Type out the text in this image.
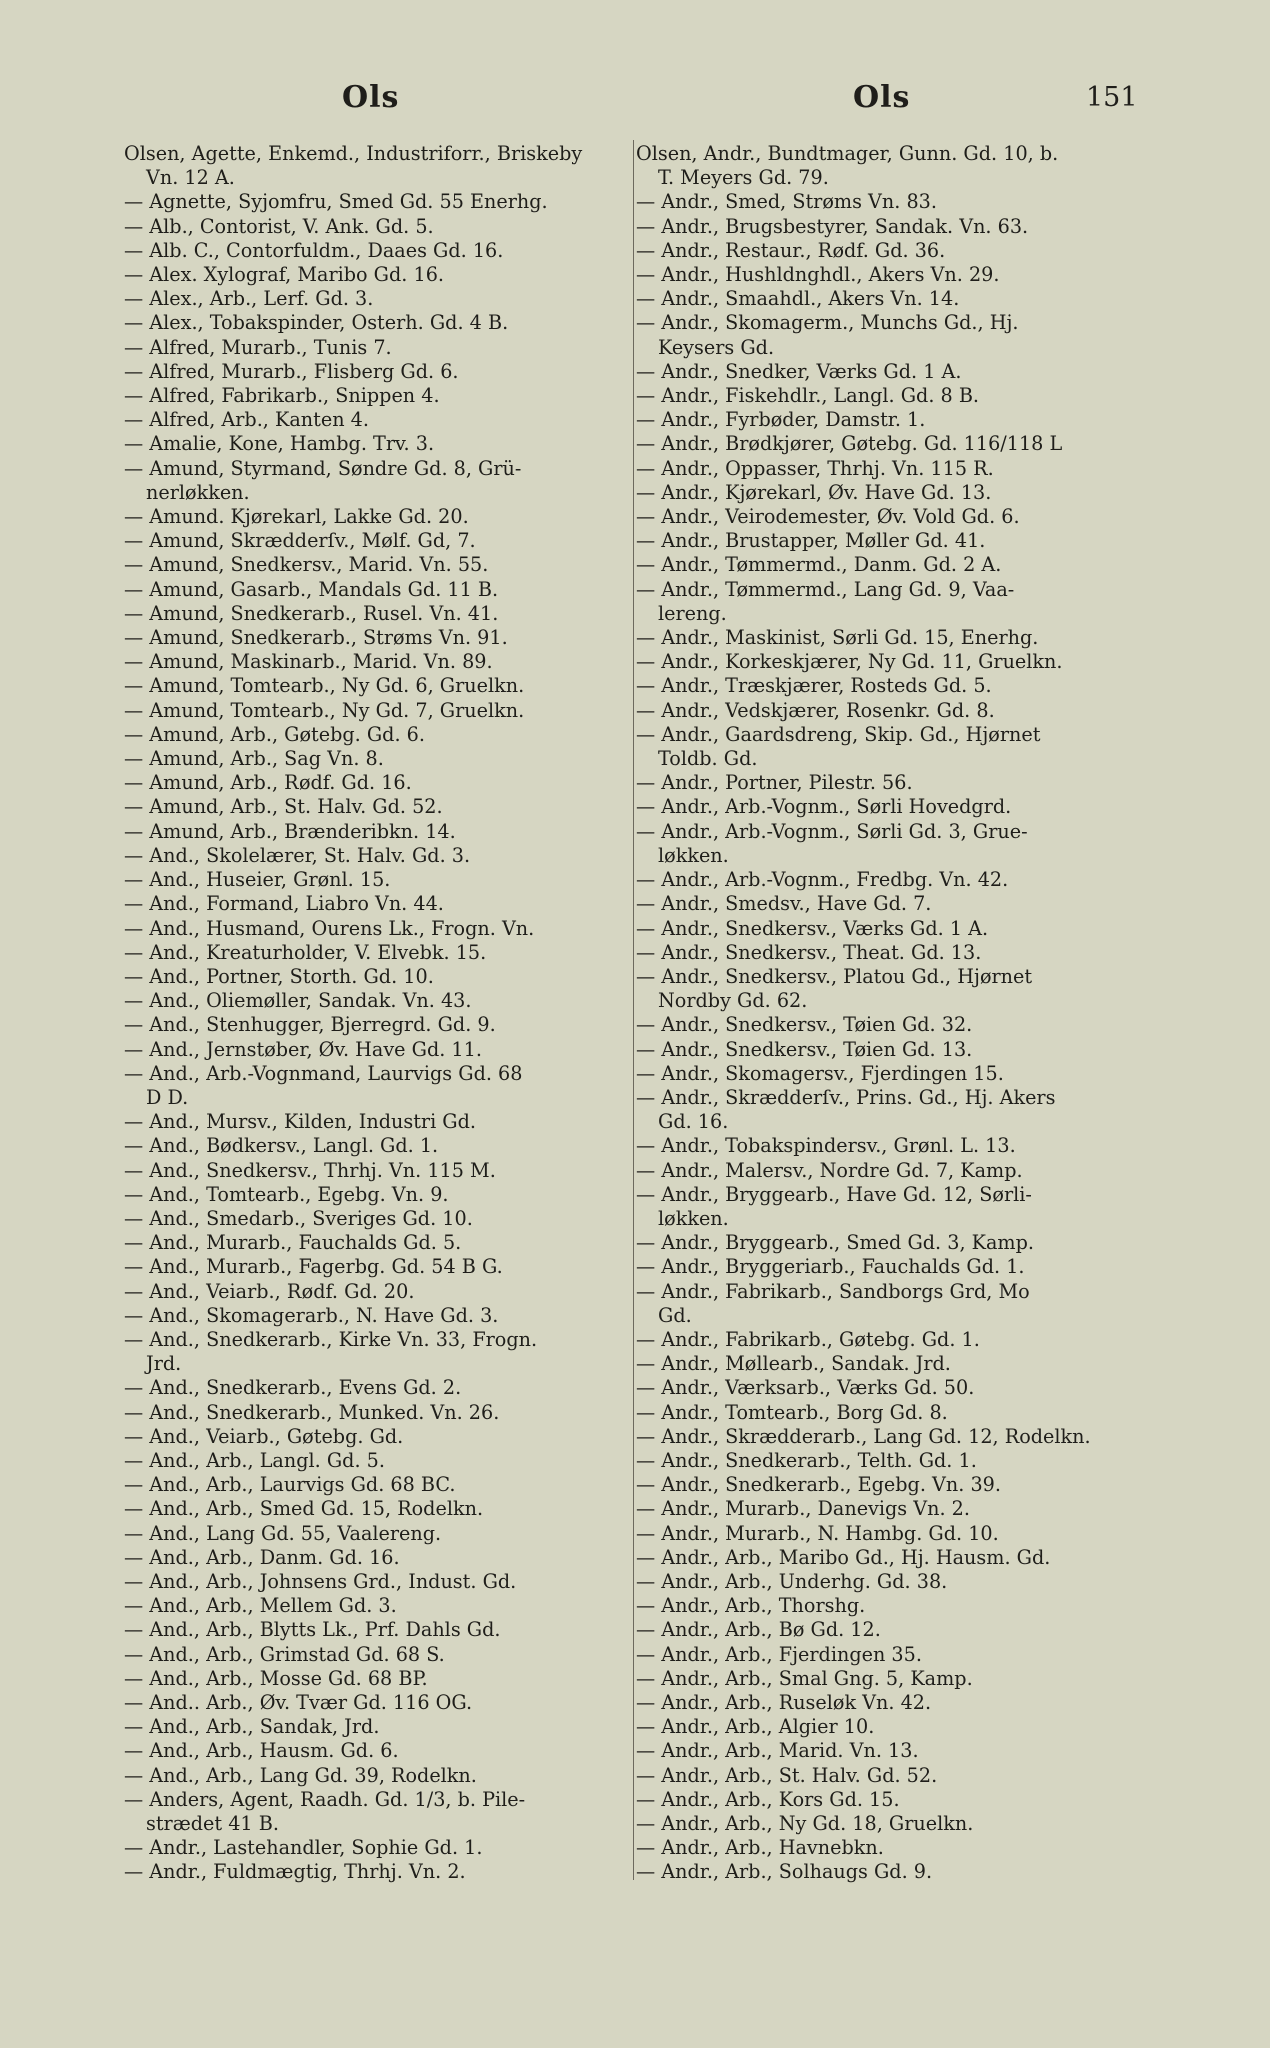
Ols	Ols	151

Olsen, Agette, Enkemd., Industriforr., Briskeby

Vn. 12 A.

— Agnette, Syjomfru, Smed Gd. 55 Enerhg.

— Alb., Contorist, V. Ank. Gd. 5.

— Alb. C., Contorfuldm., Daaes Gd. 16.

— Alex. Xylograf, Maribo Gd. 16.

— Alex., Arb., Lerf. Gd. 3.

— Alex., Tobakspinder, Osterh. Gd. 4 B.

— Alfred, Murarb., Tunis 7.

— Alfred, Murarb., Flisberg Gd. 6.

— Alfred, Fabrikarb., Snippen 4.

— Alfred, Arb., Kanten 4.

— Amalie, Kone, Hambg. Trv. 3.

— Amund, Styrmand, Søndre Gd. 8, Grü-

nerløkken.

— Amund. Kjørekarl, Lakke Gd. 20.

— Amund, Skrædderſv., Mølf. Gd, 7.

— Amund, Snedkersv., Marid. Vn. 55.

— Amund, Gasarb., Mandals Gd. 11 B.

— Amund, Snedkerarb., Rusel. Vn. 41.

— Amund, Snedkerarb., Strøms Vn. 91.

— Amund, Maskinarb., Marid. Vn. 89.

— Amund, Tomtearb., Ny Gd. 6, Gruelkn.

— Amund, Tomtearb., Ny Gd. 7, Gruelkn.

— Amund, Arb., Gøtebg. Gd. 6.

— Amund, Arb., Sag Vn. 8.

— Amund, Arb., Rødf. Gd. 16.

— Amund, Arb., St. Halv. Gd. 52.

— Amund, Arb., Brænderibkn. 14.

— And., Skolelærer, St. Halv. Gd. 3.

— And., Huseier, Grønl. 15.

— And., Formand, Liabro Vn. 44.

— And., Husmand, Ourens Lk., Frogn. Vn.

— And., Kreaturholder, V. Elvebk. 15.

— And., Portner, Storth. Gd. 10.

— And., Oliemøller, Sandak. Vn. 43.

— And., Stenhugger, Bjerregrd. Gd. 9.

— And., Jernstøber, Øv. Have Gd. 11.

— And., Arb.-Vognmand, Laurvigs Gd. 68

D D.

— And., Mursv., Kilden, Industri Gd.

— And., Bødkersv., Langl. Gd. 1.

— And., Snedkersv., Thrhj. Vn. 115 M.

— And., Tomtearb., Egebg. Vn. 9.

— And., Smedarb., Sveriges Gd. 10.

— And., Murarb., Fauchalds Gd. 5.

— And., Murarb., Fagerbg. Gd. 54 B G.

— And., Veiarb., Rødf. Gd. 20.

— And., Skomagerarb., N. Have Gd. 3.

— And., Snedkerarb., Kirke Vn. 33, Frogn.

Jrd.

— And., Snedkerarb., Evens Gd. 2.

— And., Snedkerarb., Munked. Vn. 26.

— And., Veiarb., Gøtebg. Gd.

— And., Arb., Langl. Gd. 5.

— And., Arb., Laurvigs Gd. 68 BC.

— And., Arb., Smed Gd. 15, Rodelkn.

— And., Lang Gd. 55, Vaalereng.

— And., Arb., Danm. Gd. 16.

— And., Arb., Johnsens Grd., Indust. Gd.

— And., Arb., Mellem Gd. 3.

— And., Arb., Blytts Lk., Prf. Dahls Gd.

— And., Arb., Grimstad Gd. 68 S.

— And., Arb., Mosse Gd. 68 BP.

— And.. Arb., Øv. Tvær Gd. 116 OG.

— And., Arb., Sandak, Jrd.

— And., Arb., Hausm. Gd. 6.

— And., Arb., Lang Gd. 39, Rodelkn.

— Anders, Agent, Raadh. Gd. 1/3, b. Pile-

strædet 41 B.

— Andr., Lastehandler, Sophie Gd. 1.

— Andr., Fuldmægtig, Thrhj. Vn. 2.

Olsen, Andr., Bundtmager, Gunn. Gd. 10, b.

T. Meyers Gd. 79.

— Andr., Smed, Strøms Vn. 83.

— Andr., Brugsbestyrer, Sandak. Vn. 63.

— Andr., Restaur., Rødf. Gd. 36.

— Andr., Hushldnghdl., Akers Vn. 29.

— Andr., Smaahdl., Akers Vn. 14.

— Andr., Skomagerm., Munchs Gd., Hj.

Keysers Gd.

— Andr., Snedker, Værks Gd. 1 A.

— Andr., Fiskehdlr., Langl. Gd. 8 B.

— Andr., Fyrbøder, Damstr. 1.

— Andr., Brødkjører, Gøtebg. Gd. 116/118 L

— Andr., Oppasser, Thrhj. Vn. 115 R.

— Andr., Kjørekarl, Øv. Have Gd. 13.

— Andr., Veirodemester, Øv. Vold Gd. 6.

— Andr., Brustapper, Møller Gd. 41.

— Andr., Tømmermd., Danm. Gd. 2 A.

— Andr., Tømmermd., Lang Gd. 9, Vaa-

lereng.

— Andr., Maskinist, Sørli Gd. 15, Enerhg.

— Andr., Korkeskjærer, Ny Gd. 11, Gruelkn.

— Andr., Træskjærer, Rosteds Gd. 5.

— Andr., Vedskjærer, Rosenkr. Gd. 8.

— Andr., Gaardsdreng, Skip. Gd., Hjørnet

Toldb. Gd.

— Andr., Portner, Pilestr. 56.

— Andr., Arb.-Vognm., Sørli Hovedgrd.

— Andr., Arb.-Vognm., Sørli Gd. 3, Grue-

løkken.

— Andr., Arb.-Vognm., Fredbg. Vn. 42.

— Andr., Smedsv., Have Gd. 7.

— Andr., Snedkersv., Værks Gd. 1 A.

— Andr., Snedkersv., Theat. Gd. 13.

— Andr., Snedkersv., Platou Gd., Hjørnet

Nordby Gd. 62.

— Andr., Snedkersv., Tøien Gd. 32.

— Andr., Snedkersv., Tøien Gd. 13.

— Andr., Skomagersv., Fjerdingen 15.

— Andr., Skrædderſv., Prins. Gd., Hj. Akers

Gd. 16.

— Andr., Tobakspindersv., Grønl. L. 13.

— Andr., Malersv., Nordre Gd. 7, Kamp.

— Andr., Bryggearb., Have Gd. 12, Sørli-

løkken.

— Andr., Bryggearb., Smed Gd. 3, Kamp.

— Andr., Bryggeriarb., Fauchalds Gd. 1.

— Andr., Fabrikarb., Sandborgs Grd, Mo

Gd.

— Andr., Fabrikarb., Gøtebg. Gd. 1.

— Andr., Møllearb., Sandak. Jrd.

— Andr., Værksarb., Værks Gd. 50.

— Andr., Tomtearb., Borg Gd. 8.

— Andr., Skrædderarb., Lang Gd. 12, Rodelkn.

— Andr., Snedkerarb., Telth. Gd. 1.

— Andr., Snedkerarb., Egebg. Vn. 39.

— Andr., Murarb., Danevigs Vn. 2.

— Andr., Murarb., N. Hambg. Gd. 10.

— Andr., Arb., Maribo Gd., Hj. Hausm. Gd.

— Andr., Arb., Underhg. Gd. 38.

— Andr., Arb., Thorshg.

— Andr., Arb., Bø Gd. 12.

— Andr., Arb., Fjerdingen 35.

— Andr., Arb., Smal Gng. 5, Kamp.

— Andr., Arb., Ruseløk Vn. 42.

— Andr., Arb., Algier 10.

— Andr., Arb., Marid. Vn. 13.

— Andr., Arb., St. Halv. Gd. 52.

— Andr., Arb., Kors Gd. 15.

— Andr., Arb., Ny Gd. 18, Gruelkn.

— Andr., Arb., Havnebkn.

— Andr., Arb., Solhaugs Gd. 9.
